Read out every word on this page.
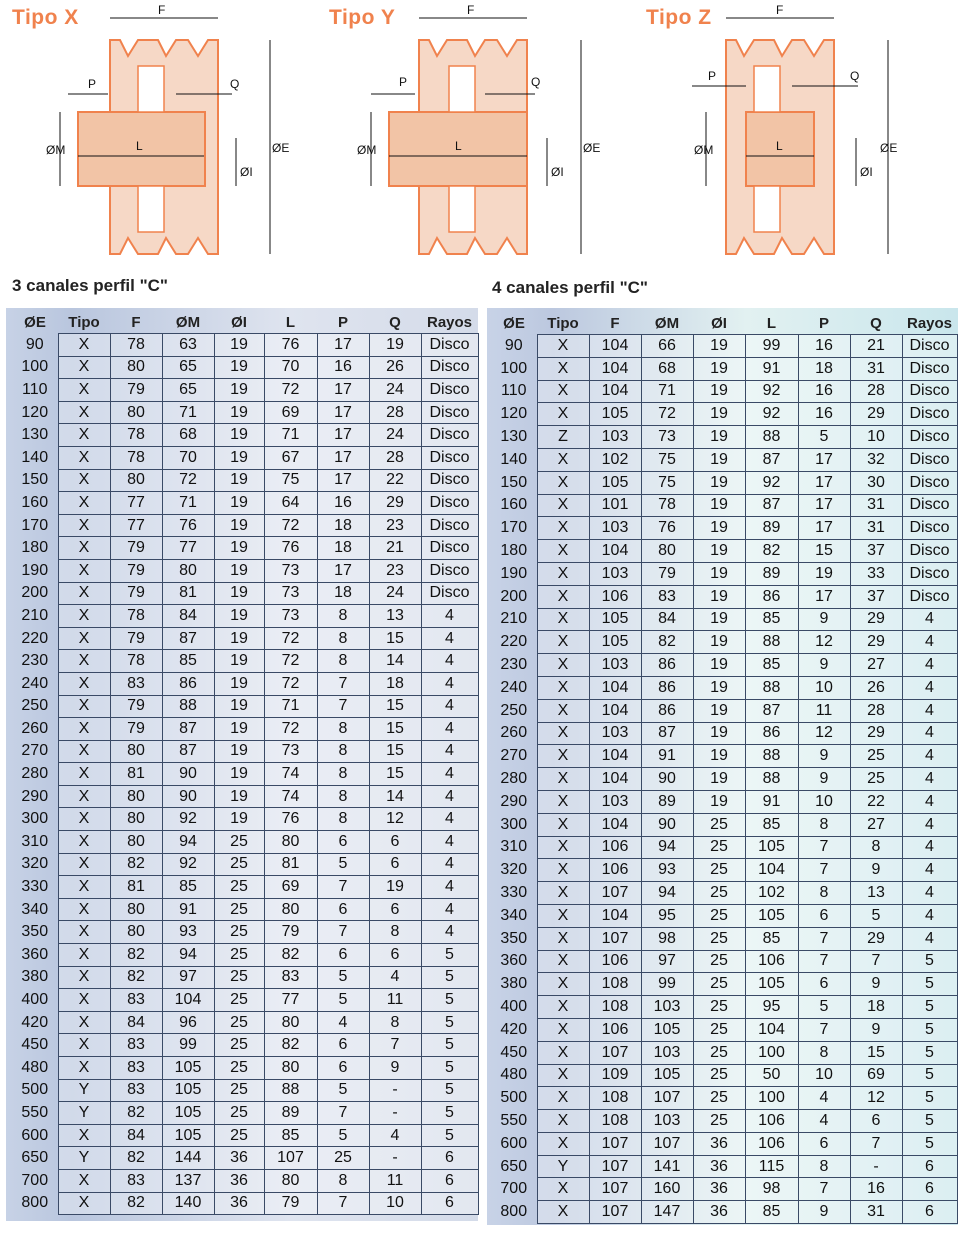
Tipo X	F
P	Q
L
ØM	ØE
ØI
Tipo Y	F
P	Q
L
ØM	ØE
ØI
Tipo Z	F
P	Q
L
ØM	ØE
ØI
3 canales perfil "C"	4 canales perfil "C"
ØE	Tipo	F	ØM	ØI	L	P	Q	Rayos
90	X	78	63	19	76	17	19	Disco
100	X	80	65	19	70	16	26	Disco
110	X	79	65	19	72	17	24	Disco
120	X	80	71	19	69	17	28	Disco
130	X	78	68	19	71	17	24	Disco
140	X	78	70	19	67	17	28	Disco
150	X	80	72	19	75	17	22	Disco
160	X	77	71	19	64	16	29	Disco
170	X	77	76	19	72	18	23	Disco
180	X	79	77	19	76	18	21	Disco
190	X	79	80	19	73	17	23	Disco
200	X	79	81	19	73	18	24	Disco
210	X	78	84	19	73	8	13	4
220	X	79	87	19	72	8	15	4
230	X	78	85	19	72	8	14	4
240	X	83	86	19	72	7	18	4
250	X	79	88	19	71	7	15	4
260	X	79	87	19	72	8	15	4
270	X	80	87	19	73	8	15	4
280	X	81	90	19	74	8	15	4
290	X	80	90	19	74	8	14	4
300	X	80	92	19	76	8	12	4
310	X	80	94	25	80	6	6	4
320	X	82	92	25	81	5	6	4
330	X	81	85	25	69	7	19	4
340	X	80	91	25	80	6	6	4
350	X	80	93	25	79	7	8	4
360	X	82	94	25	82	6	6	5
380	X	82	97	25	83	5	4	5
400	X	83	104	25	77	5	11	5
420	X	84	96	25	80	4	8	5
450	X	83	99	25	82	6	7	5
480	X	83	105	25	80	6	9	5
500	Y	83	105	25	88	5	-	5
550	Y	82	105	25	89	7	-	5
600	X	84	105	25	85	5	4	5
650	Y	82	144	36	107	25	-	6
700	X	83	137	36	80	8	11	6
800	X	82	140	36	79	7	10	6
ØE	Tipo	F	ØM	ØI	L	P	Q	Rayos
90	X	104	66	19	99	16	21	Disco
100	X	104	68	19	91	18	31	Disco
110	X	104	71	19	92	16	28	Disco
120	X	105	72	19	92	16	29	Disco
130	Z	103	73	19	88	5	10	Disco
140	X	102	75	19	87	17	32	Disco
150	X	105	75	19	92	17	30	Disco
160	X	101	78	19	87	17	31	Disco
170	X	103	76	19	89	17	31	Disco
180	X	104	80	19	82	15	37	Disco
190	X	103	79	19	89	19	33	Disco
200	X	106	83	19	86	17	37	Disco
210	X	105	84	19	85	9	29	4
220	X	105	82	19	88	12	29	4
230	X	103	86	19	85	9	27	4
240	X	104	86	19	88	10	26	4
250	X	104	86	19	87	11	28	4
260	X	103	87	19	86	12	29	4
270	X	104	91	19	88	9	25	4
280	X	104	90	19	88	9	25	4
290	X	103	89	19	91	10	22	4
300	X	104	90	25	85	8	27	4
310	X	106	94	25	105	7	8	4
320	X	106	93	25	104	7	9	4
330	X	107	94	25	102	8	13	4
340	X	104	95	25	105	6	5	4
350	X	107	98	25	85	7	29	4
360	X	106	97	25	106	7	7	5
380	X	108	99	25	105	6	9	5
400	X	108	103	25	95	5	18	5
420	X	106	105	25	104	7	9	5
450	X	107	103	25	100	8	15	5
480	X	109	105	25	50	10	69	5
500	X	108	107	25	100	4	12	5
550	X	108	103	25	106	4	6	5
600	X	107	107	36	106	6	7	5
650	Y	107	141	36	115	8	-	6
700	X	107	160	36	98	7	16	6
800	X	107	147	36	85	9	31	6
